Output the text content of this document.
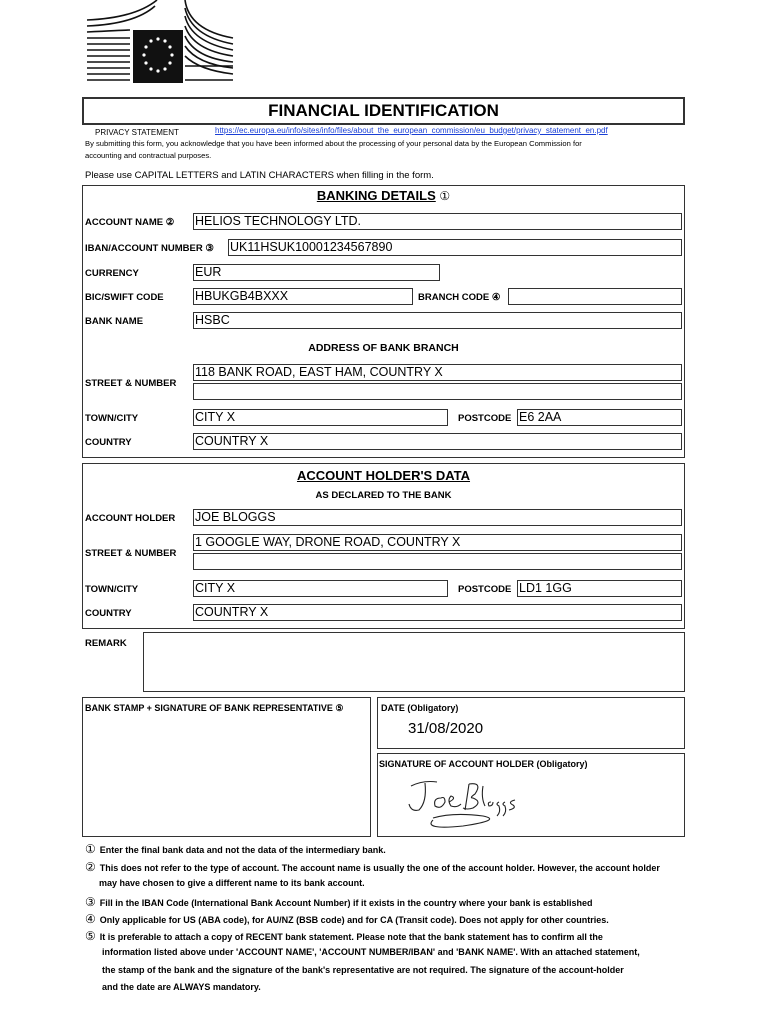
FINANCIAL IDENTIFICATION
PRIVACY STATEMENT	https://ec.europa.eu/info/sites/info/files/about_the_european_commission/eu_budget/privacy_statement_en.pdf
By submitting this form, you acknowledge that you have been informed about the processing of your personal data by the European Commission for
accounting and contractual purposes.
Please use CAPITAL LETTERS and LATIN CHARACTERS when filling in the form.
BANKING DETAILS ①
ACCOUNT NAME ② HELIOS TECHNOLOGY LTD.
IBAN/ACCOUNT NUMBER ③ UK11HSUK10001234567890
CURRENCY	EUR
BIC/SWIFT CODE	HBUKGB4BXXX	BRANCH CODE ④
BANK NAME	HSBC
ADDRESS OF BANK BRANCH
STREET & NUMBER
118 BANK ROAD, EAST HAM, COUNTRY X
TOWN/CITY	CITY X	POSTCODE E6 2AA
COUNTRY	COUNTRY X
ACCOUNT HOLDER'S DATA
AS DECLARED TO THE BANK
ACCOUNT HOLDER JOE BLOGGS
STREET & NUMBER
1 GOOGLE WAY, DRONE ROAD, COUNTRY X
TOWN/CITY	CITY X	POSTCODE LD1 1GG
COUNTRY	COUNTRY X
REMARK
BANK STAMP + SIGNATURE OF BANK REPRESENTATIVE ⑤	DATE (Obligatory)
31/08/2020
SIGNATURE OF ACCOUNT HOLDER (Obligatory)
① Enter the final bank data and not the data of the intermediary bank.
② This does not refer to the type of account. The account name is usually the one of the account holder. However, the account holder
may have chosen to give a different name to its bank account.
③ Fill in the IBAN Code (International Bank Account Number) if it exists in the country where your bank is established
④ Only applicable for US (ABA code), for AU/NZ (BSB code) and for CA (Transit code). Does not apply for other countries.
⑤ It is preferable to attach a copy of RECENT bank statement. Please note that the bank statement has to confirm all the
information listed above under 'ACCOUNT NAME', 'ACCOUNT NUMBER/IBAN' and 'BANK NAME'. With an attached statement,
the stamp of the bank and the signature of the bank's representative are not required. The signature of the account-holder
and the date are ALWAYS mandatory.
